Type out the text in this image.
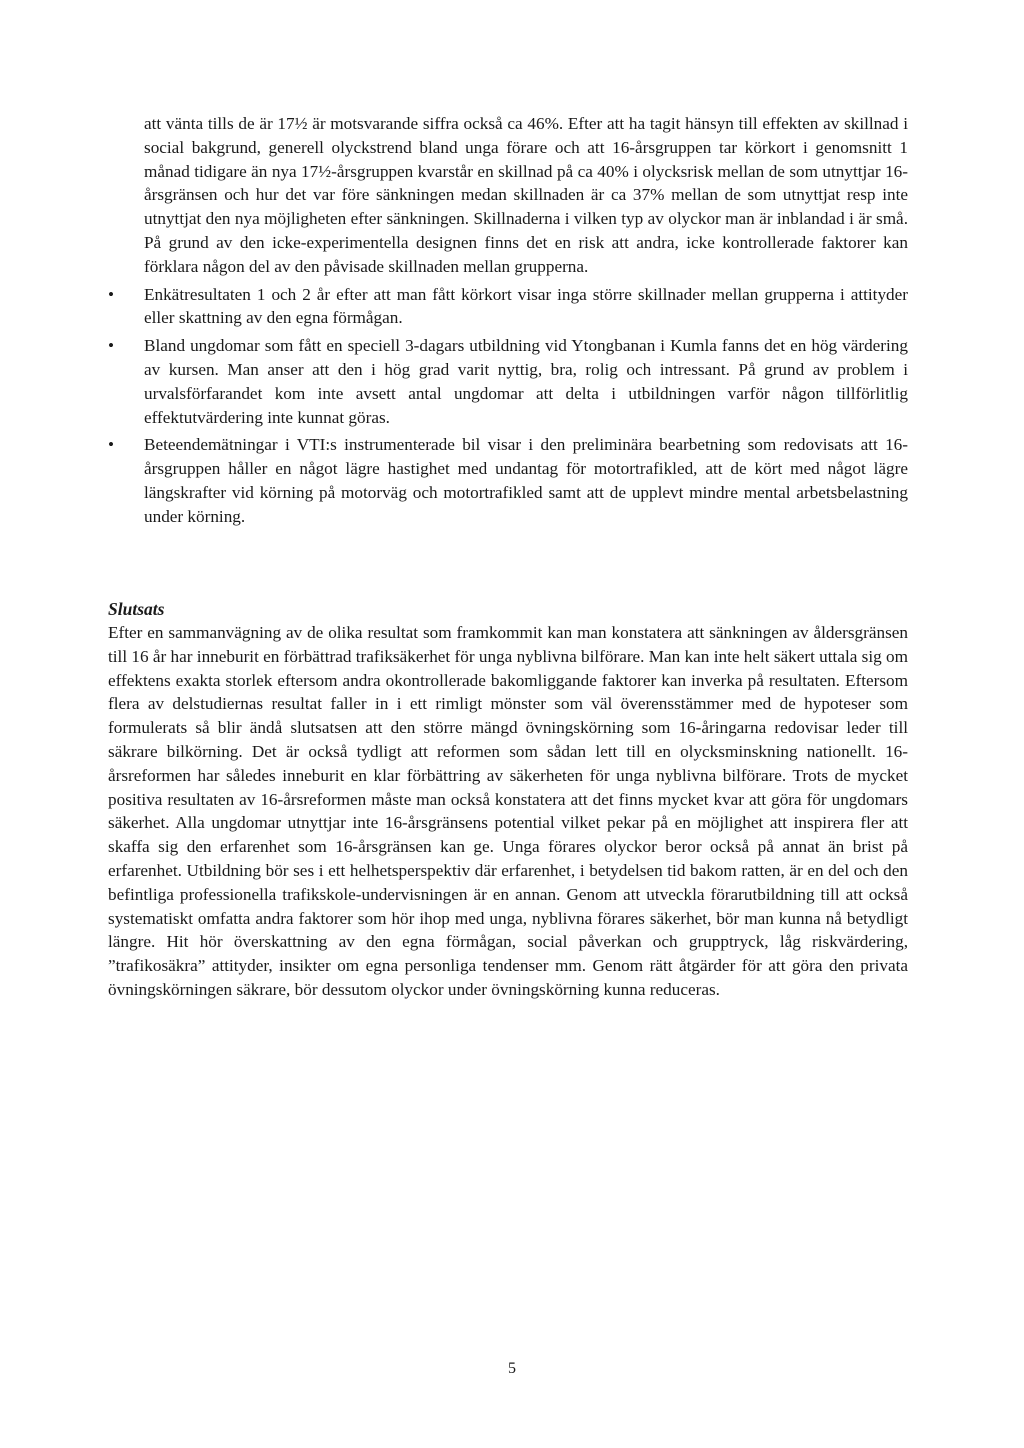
att vänta tills de är 17½ är motsvarande siffra också ca 46%. Efter att ha tagit hänsyn till effekten av skillnad i social bakgrund, generell olyckstrend bland unga förare och att 16-årsgruppen tar körkort i genomsnitt 1 månad tidigare än nya 17½-årsgruppen kvarstår en skillnad på ca 40% i olycksrisk mellan de som utnyttjar 16-årsgränsen och hur det var före sänkningen medan skillnaden är ca 37% mellan de som utnyttjat resp inte utnyttjat den nya möjligheten efter sänkningen. Skillnaderna i vilken typ av olyckor man är inblandad i är små. På grund av den icke-experimentella designen finns det en risk att andra, icke kontrollerade faktorer kan förklara någon del av den påvisade skillnaden mellan grupperna.

• Enkätresultaten 1 och 2 år efter att man fått körkort visar inga större skillnader mellan grupperna i attityder eller skattning av den egna förmågan.

• Bland ungdomar som fått en speciell 3-dagars utbildning vid Ytongbanan i Kumla fanns det en hög värdering av kursen. Man anser att den i hög grad varit nyttig, bra, rolig och intressant. På grund av problem i urvalsförfarandet kom inte avsett antal ungdomar att delta i utbildningen varför någon tillförlitlig effektutvärdering inte kunnat göras.

• Beteendemätningar i VTI:s instrumenterade bil visar i den preliminära bearbetning som redovisats att 16-årsgruppen håller en något lägre hastighet med undantag för motortrafikled, att de kört med något lägre längskrafter vid körning på motorväg och motortrafikled samt att de upplevt mindre mental arbetsbelastning under körning.

Slutsats

Efter en sammanvägning av de olika resultat som framkommit kan man konstatera att sänkningen av åldersgränsen till 16 år har inneburit en förbättrad trafiksäkerhet för unga nyblivna bilförare. Man kan inte helt säkert uttala sig om effektens exakta storlek eftersom andra okontrollerade bakomliggande faktorer kan inverka på resultaten. Eftersom flera av delstudiernas resultat faller in i ett rimligt mönster som väl överensstämmer med de hypoteser som formulerats så blir ändå slutsatsen att den större mängd övningskörning som 16-åringarna redovisar leder till säkrare bilkörning. Det är också tydligt att reformen som sådan lett till en olycksminskning nationellt. 16-årsreformen har således inneburit en klar förbättring av säkerheten för unga nyblivna bilförare. Trots de mycket positiva resultaten av 16-årsreformen måste man också konstatera att det finns mycket kvar att göra för ungdomars säkerhet. Alla ungdomar utnyttjar inte 16-årsgränsens potential vilket pekar på en möjlighet att inspirera fler att skaffa sig den erfarenhet som 16-årsgränsen kan ge. Unga förares olyckor beror också på annat än brist på erfarenhet. Utbildning bör ses i ett helhetsperspektiv där erfarenhet, i betydelsen tid bakom ratten, är en del och den befintliga professionella trafikskole-undervisningen är en annan. Genom att utveckla förarutbildning till att också systematiskt omfatta andra faktorer som hör ihop med unga, nyblivna förares säkerhet, bör man kunna nå betydligt längre. Hit hör överskattning av den egna förmågan, social påverkan och grupptryck, låg riskvärdering, ”trafikosäkra” attityder, insikter om egna personliga tendenser mm. Genom rätt åtgärder för att göra den privata övningskörningen säkrare, bör dessutom olyckor under övningskörning kunna reduceras.

5
